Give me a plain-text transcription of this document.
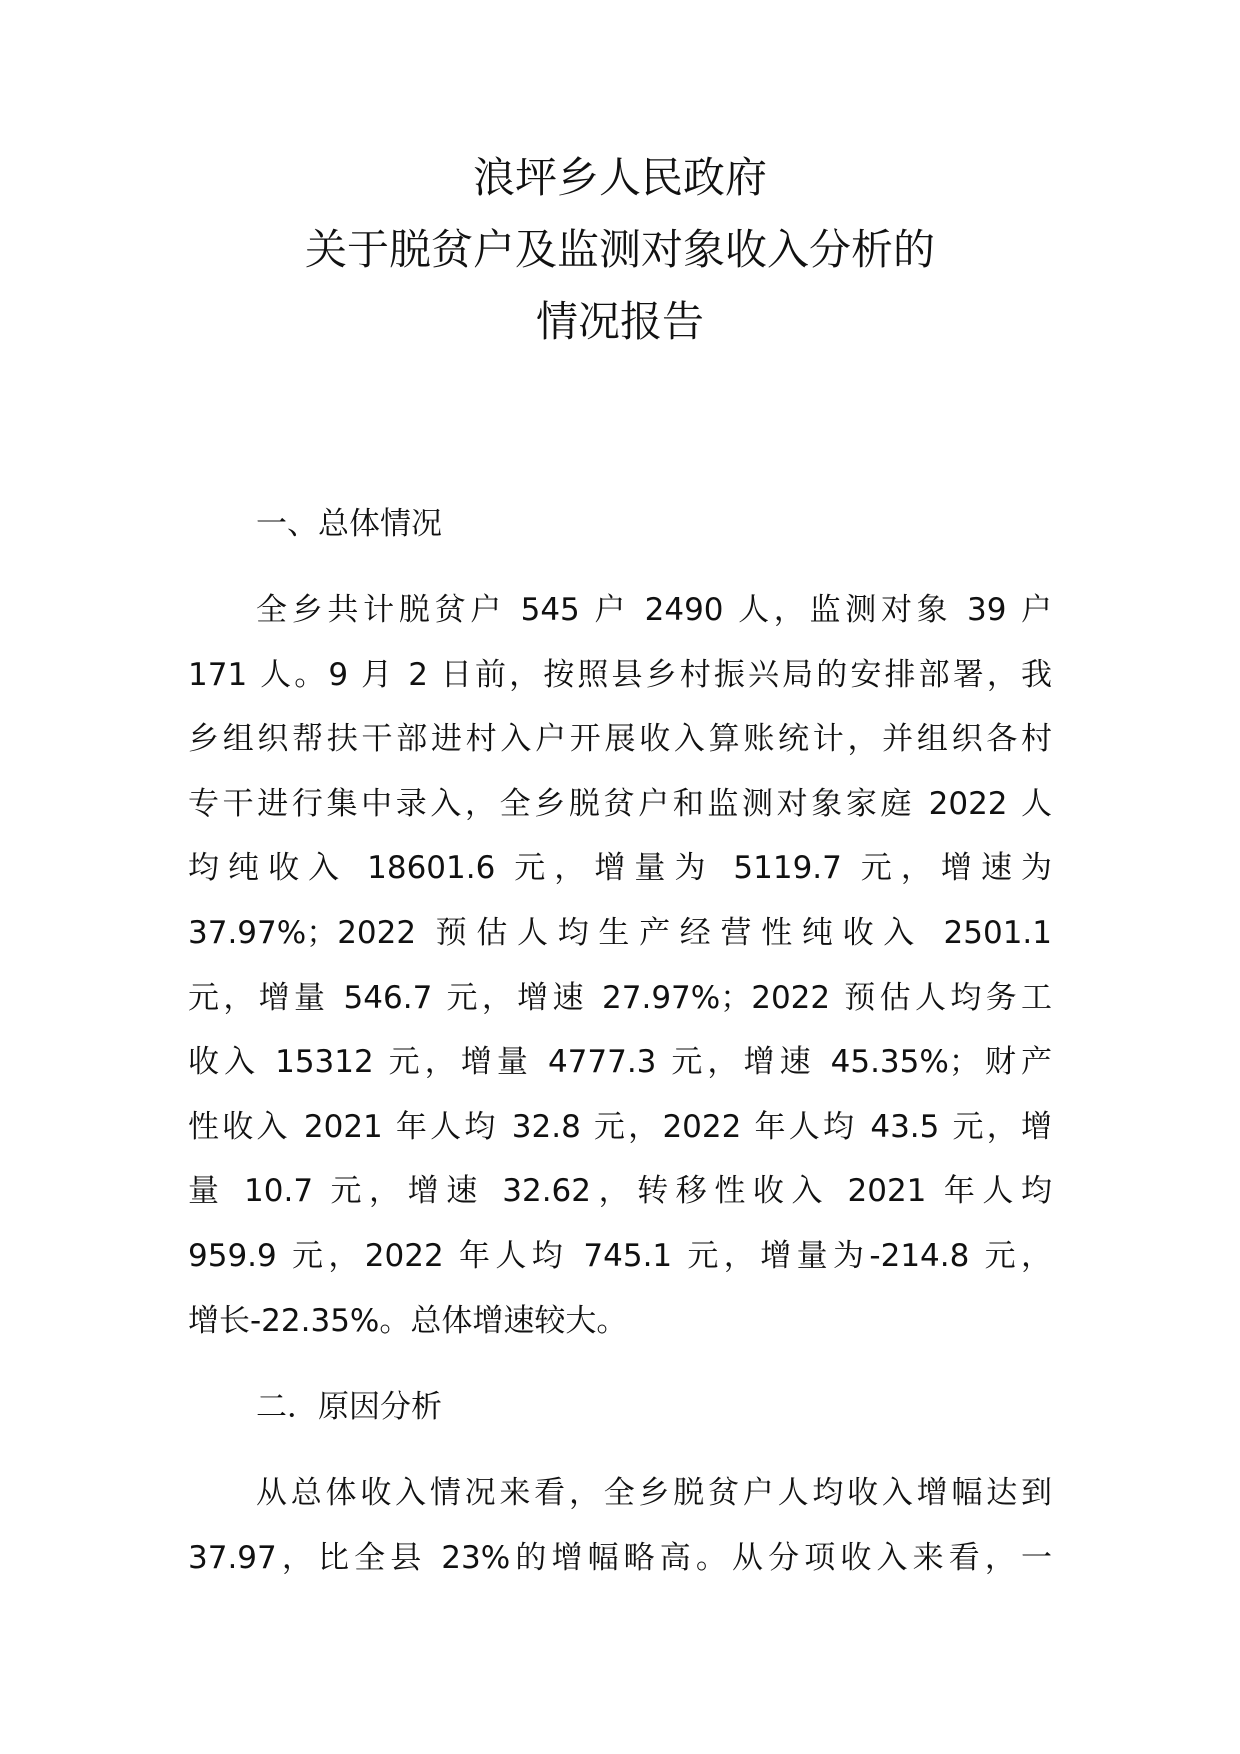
浪坪乡人民政府
关于脱贫户及监测对象收入分析的
情况报告
一、总体情况
全乡共计脱贫户 545 户 2490 人，监测对象 39 户
171 人。9 月 2 日前，按照县乡村振兴局的安排部署，我
乡组织帮扶干部进村入户开展收入算账统计，并组织各村
专干进行集中录入，全乡脱贫户和监测对象家庭 2022 人
均纯收入 18601.6 元，增量为 5119.7 元，增速为
37.97%；2022 预估人均生产经营性纯收入 2501.1
元，增量 546.7 元，增速 27.97%；2022 预估人均务工
收入 15312 元，增量 4777.3 元，增速 45.35%；财产
性收入 2021 年人均 32.8 元，2022 年人均 43.5 元，增
量 10.7 元，增速 32.62，转移性收入 2021 年人均
959.9 元，2022 年人均 745.1 元，增量为-214.8 元，
增长-22.35%。总体增速较大。
二．原因分析
从总体收入情况来看，全乡脱贫户人均收入增幅达到
37.97，比全县 23%的增幅略高。从分项收入来看，一
